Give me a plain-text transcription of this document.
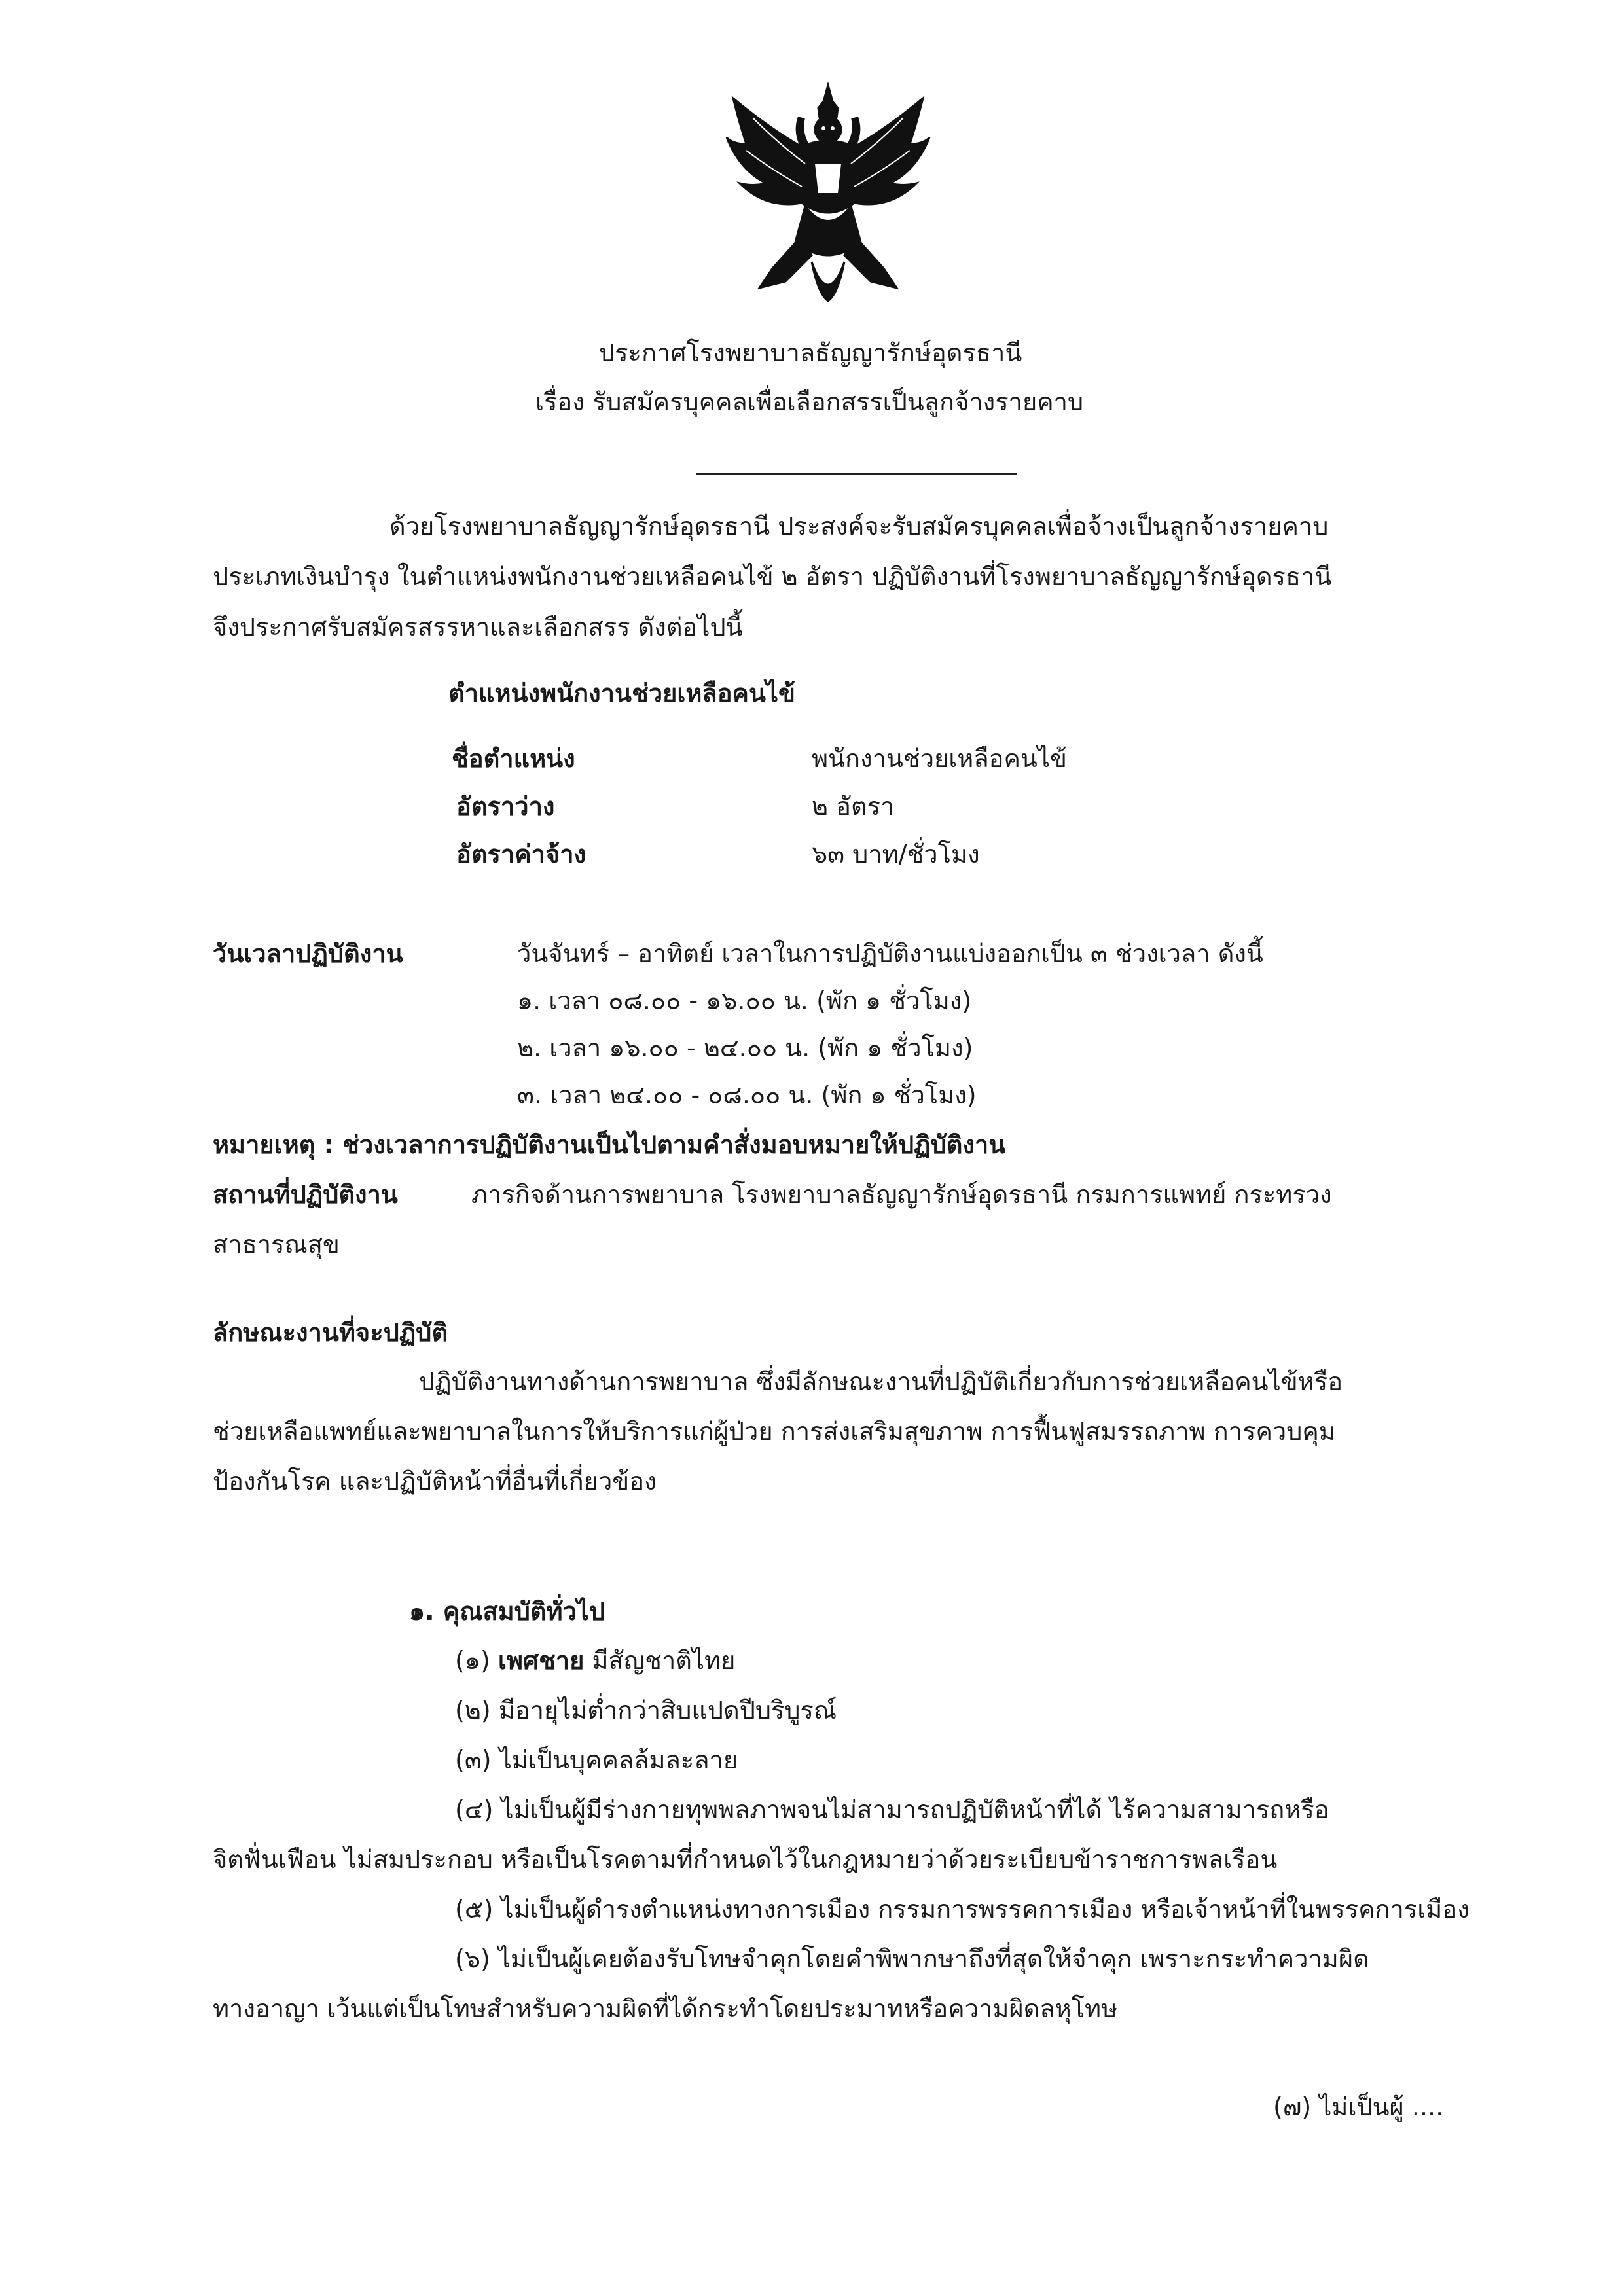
ประกาศโรงพยาบาลธัญญารักษ์อุดรธานี
เรื่อง รับสมัครบุคคลเพื่อเลือกสรรเป็นลูกจ้างรายคาบ
ด้วยโรงพยาบาลธัญญารักษ์อุดรธานี ประสงค์จะรับสมัครบุคคลเพื่อจ้างเป็นลูกจ้างรายคาบ
ประเภทเงินบำรุง ในตำแหน่งพนักงานช่วยเหลือคนไข้ ๒ อัตรา ปฏิบัติงานที่โรงพยาบาลธัญญารักษ์อุดรธานี
จึงประกาศรับสมัครสรรหาและเลือกสรร ดังต่อไปนี้
ตำแหน่งพนักงานช่วยเหลือคนไข้
ชื่อตำแหน่ง	พนักงานช่วยเหลือคนไข้
อัตราว่าง	๒ อัตรา
อัตราค่าจ้าง	๖๓ บาท/ชั่วโมง
วันเวลาปฏิบัติงาน	วันจันทร์ – อาทิตย์ เวลาในการปฏิบัติงานแบ่งออกเป็น ๓ ช่วงเวลา ดังนี้
๑. เวลา ๐๘.๐๐ - ๑๖.๐๐ น. (พัก ๑ ชั่วโมง)
๒. เวลา ๑๖.๐๐ - ๒๔.๐๐ น. (พัก ๑ ชั่วโมง)
๓. เวลา ๒๔.๐๐ - ๐๘.๐๐ น. (พัก ๑ ชั่วโมง)
หมายเหตุ : ช่วงเวลาการปฏิบัติงานเป็นไปตามคำสั่งมอบหมายให้ปฏิบัติงาน
สถานที่ปฏิบัติงาน	ภารกิจด้านการพยาบาล โรงพยาบาลธัญญารักษ์อุดรธานี กรมการแพทย์ กระทรวง
สาธารณสุข
ลักษณะงานที่จะปฏิบัติ
ปฏิบัติงานทางด้านการพยาบาล ซึ่งมีลักษณะงานที่ปฏิบัติเกี่ยวกับการช่วยเหลือคนไข้หรือ
ช่วยเหลือแพทย์และพยาบาลในการให้บริการแก่ผู้ป่วย การส่งเสริมสุขภาพ การฟื้นฟูสมรรถภาพ การควบคุม
ป้องกันโรค และปฏิบัติหน้าที่อื่นที่เกี่ยวข้อง
๑. คุณสมบัติทั่วไป
(๑) เพศชาย มีสัญชาติไทย
(๒) มีอายุไม่ต่ำกว่าสิบแปดปีบริบูรณ์
(๓) ไม่เป็นบุคคลล้มละลาย
(๔) ไม่เป็นผู้มีร่างกายทุพพลภาพจนไม่สามารถปฏิบัติหน้าที่ได้ ไร้ความสามารถหรือ
จิตฟั่นเฟือน ไม่สมประกอบ หรือเป็นโรคตามที่กำหนดไว้ในกฎหมายว่าด้วยระเบียบข้าราชการพลเรือน
(๕) ไม่เป็นผู้ดำรงตำแหน่งทางการเมือง กรรมการพรรคการเมือง หรือเจ้าหน้าที่ในพรรคการเมือง
(๖) ไม่เป็นผู้เคยต้องรับโทษจำคุกโดยคำพิพากษาถึงที่สุดให้จำคุก เพราะกระทำความผิด
ทางอาญา เว้นแต่เป็นโทษสำหรับความผิดที่ได้กระทำโดยประมาทหรือความผิดลหุโทษ
(๗) ไม่เป็นผู้ ....
